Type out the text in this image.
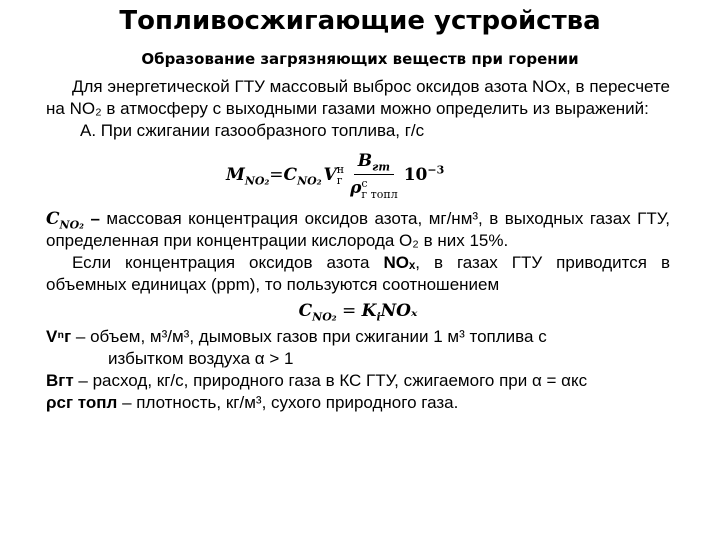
Топливосжигающие устройства
Образование загрязняющих веществ при горении

Для энергетической ГТУ массовый выброс оксидов азота NOx, в пересчете на NO₂ в атмосферу с выходными газами можно определить из выражений:

А. При сжигании газообразного топлива, г/с

$M_{NO_2} = C_{NO_2}$ V н
г $B_{гт}$
ρ с
г топл $10^{-3}$
$C_{NO_2}$ – массовая концентрация оксидов азота, мг/нм³, в выходных газах ГТУ, определенная при концентрации кислорода О₂ в них 15%.

Если концентрация оксидов азота NOₓ, в газах ГТУ приводится в объемных единицах (ppm), то пользуются соотношением

$C_{NO_2} = K_iNO_x$
Vⁿг – объем, м³/м³, дымовых газов при сжигании 1 м³ топлива с
избытком воздуха α > 1
Bгт – расход, кг/с, природного газа в КС ГТУ, сжигаемого при α = αкс
ρсг топл – плотность, кг/м³, сухого природного газа.
